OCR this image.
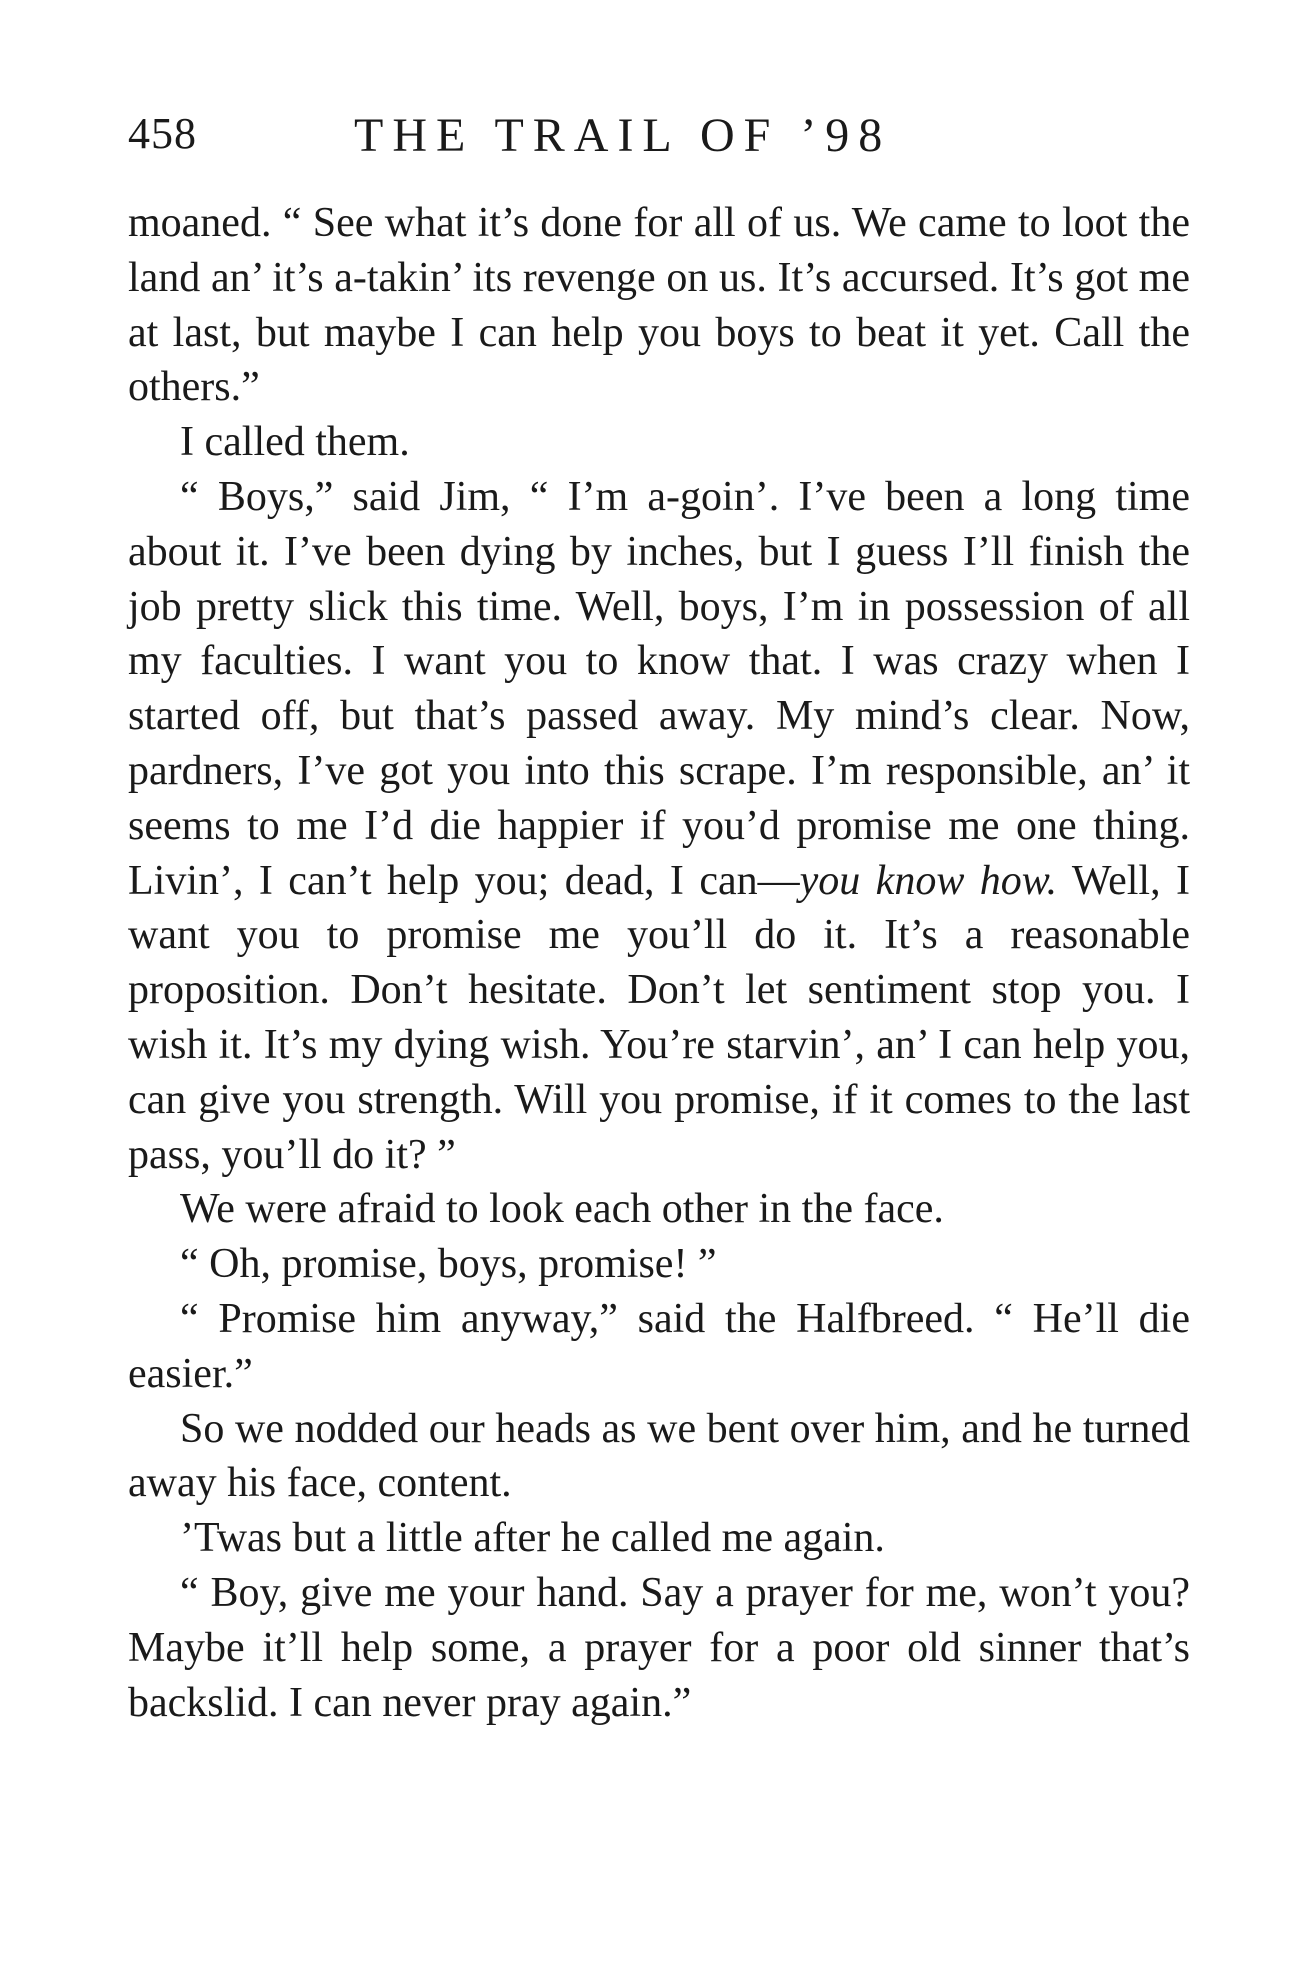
458	THE TRAIL OF ’98

moaned. “ See what it’s done for all of us. We came to loot the land an’ it’s a-takin’ its revenge on us. It’s accursed. It’s got me at last, but maybe I can help you boys to beat it yet. Call the others.”

I called them.

“ Boys,” said Jim, “ I’m a-goin’. I’ve been a long time about it. I’ve been dying by inches, but I guess I’ll finish the job pretty slick this time. Well, boys, I’m in possession of all my faculties. I want you to know that. I was crazy when I started off, but that’s passed away. My mind’s clear. Now, pardners, I’ve got you into this scrape. I’m responsible, an’ it seems to me I’d die happier if you’d promise me one thing. Livin’, I can’t help you; dead, I can—you know how. Well, I want you to promise me you’ll do it. It’s a reasonable proposition. Don’t hesitate. Don’t let sentiment stop you. I wish it. It’s my dying wish. You’re starvin’, an’ I can help you, can give you strength. Will you promise, if it comes to the last pass, you’ll do it? ”

We were afraid to look each other in the face.

“ Oh, promise, boys, promise! ”

“ Promise him anyway,” said the Halfbreed. “ He’ll die easier.”

So we nodded our heads as we bent over him, and he turned away his face, content.

’Twas but a little after he called me again.

“ Boy, give me your hand. Say a prayer for me, won’t you? Maybe it’ll help some, a prayer for a poor old sinner that’s backslid. I can never pray again.”
